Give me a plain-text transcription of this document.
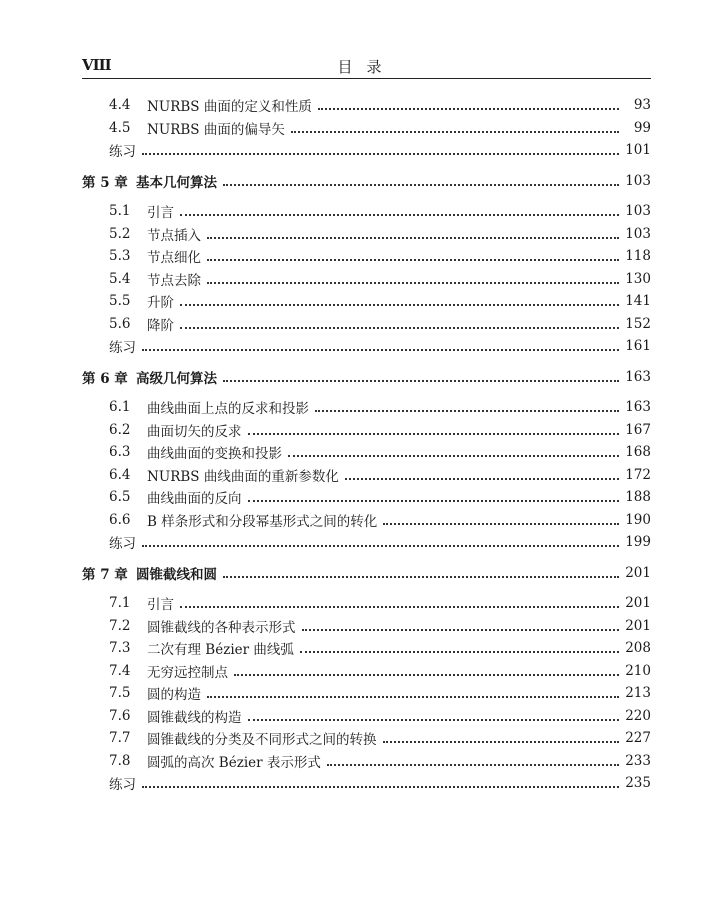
VIII	目录
4.4	NURBS 曲面的定义和性质	93
4.5	NURBS 曲面的偏导矢	99
练习	101
第 5 章 基本几何算法	103
5.1	引言	103
5.2	节点插入	103
5.3	节点细化	118
5.4	节点去除	130
5.5	升阶	141
5.6	降阶	152
练习	161
第 6 章 高级几何算法	163
6.1	曲线曲面上点的反求和投影	163
6.2	曲面切矢的反求	167
6.3	曲线曲面的变换和投影	168
6.4	NURBS 曲线曲面的重新参数化	172
6.5	曲线曲面的反向	188
6.6	B 样条形式和分段幂基形式之间的转化	190
练习	199
第 7 章 圆锥截线和圆	201
7.1	引言	201
7.2	圆锥截线的各种表示形式	201
7.3	二次有理 Bézier 曲线弧	208
7.4	无穷远控制点	210
7.5	圆的构造	213
7.6	圆锥截线的构造	220
7.7	圆锥截线的分类及不同形式之间的转换	227
7.8	圆弧的高次 Bézier 表示形式	233
练习	235
